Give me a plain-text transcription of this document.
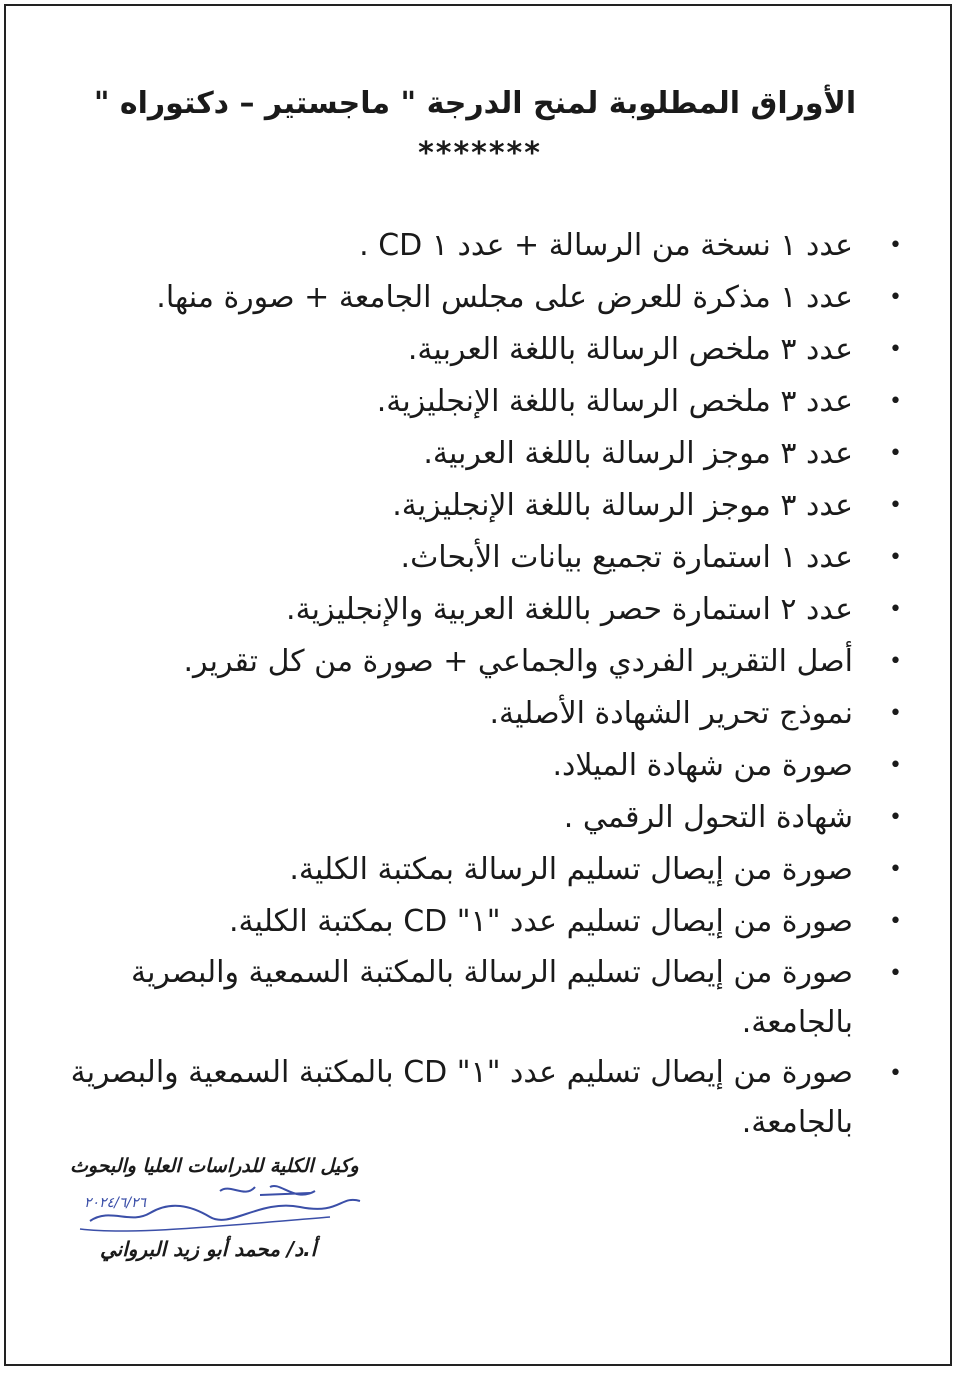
الأوراق المطلوبة لمنح الدرجة " ماجستير – دكتوراه "
*******
•
عدد ١ نسخة من الرسالة + عدد ١ CD .
•
عدد ١ مذكرة للعرض على مجلس الجامعة + صورة منها.
•
عدد ٣ ملخص الرسالة باللغة العربية.
•
عدد ٣ ملخص الرسالة باللغة الإنجليزية.
•
عدد ٣ موجز الرسالة باللغة العربية.
•
عدد ٣ موجز الرسالة باللغة الإنجليزية.
•
عدد ١ استمارة تجميع بيانات الأبحاث.
•
عدد ٢ استمارة حصر باللغة العربية والإنجليزية.
•
أصل التقرير الفردي والجماعي + صورة من كل تقرير.
•
نموذج تحرير الشهادة الأصلية.
•
صورة من شهادة الميلاد.
•
شهادة التحول الرقمي .
•
صورة من إيصال تسليم الرسالة بمكتبة الكلية.
•
صورة من إيصال تسليم عدد "١" CD بمكتبة الكلية.
•
صورة من إيصال تسليم الرسالة بالمكتبة السمعية والبصرية بالجامعة.
•
صورة من إيصال تسليم عدد "١" CD بالمكتبة السمعية والبصرية بالجامعة.
وكيل الكلية للدراسات العليا والبحوث
٢٠٢٤/٦/٢٦
أ.د/ محمد أبو زيد البرواني
